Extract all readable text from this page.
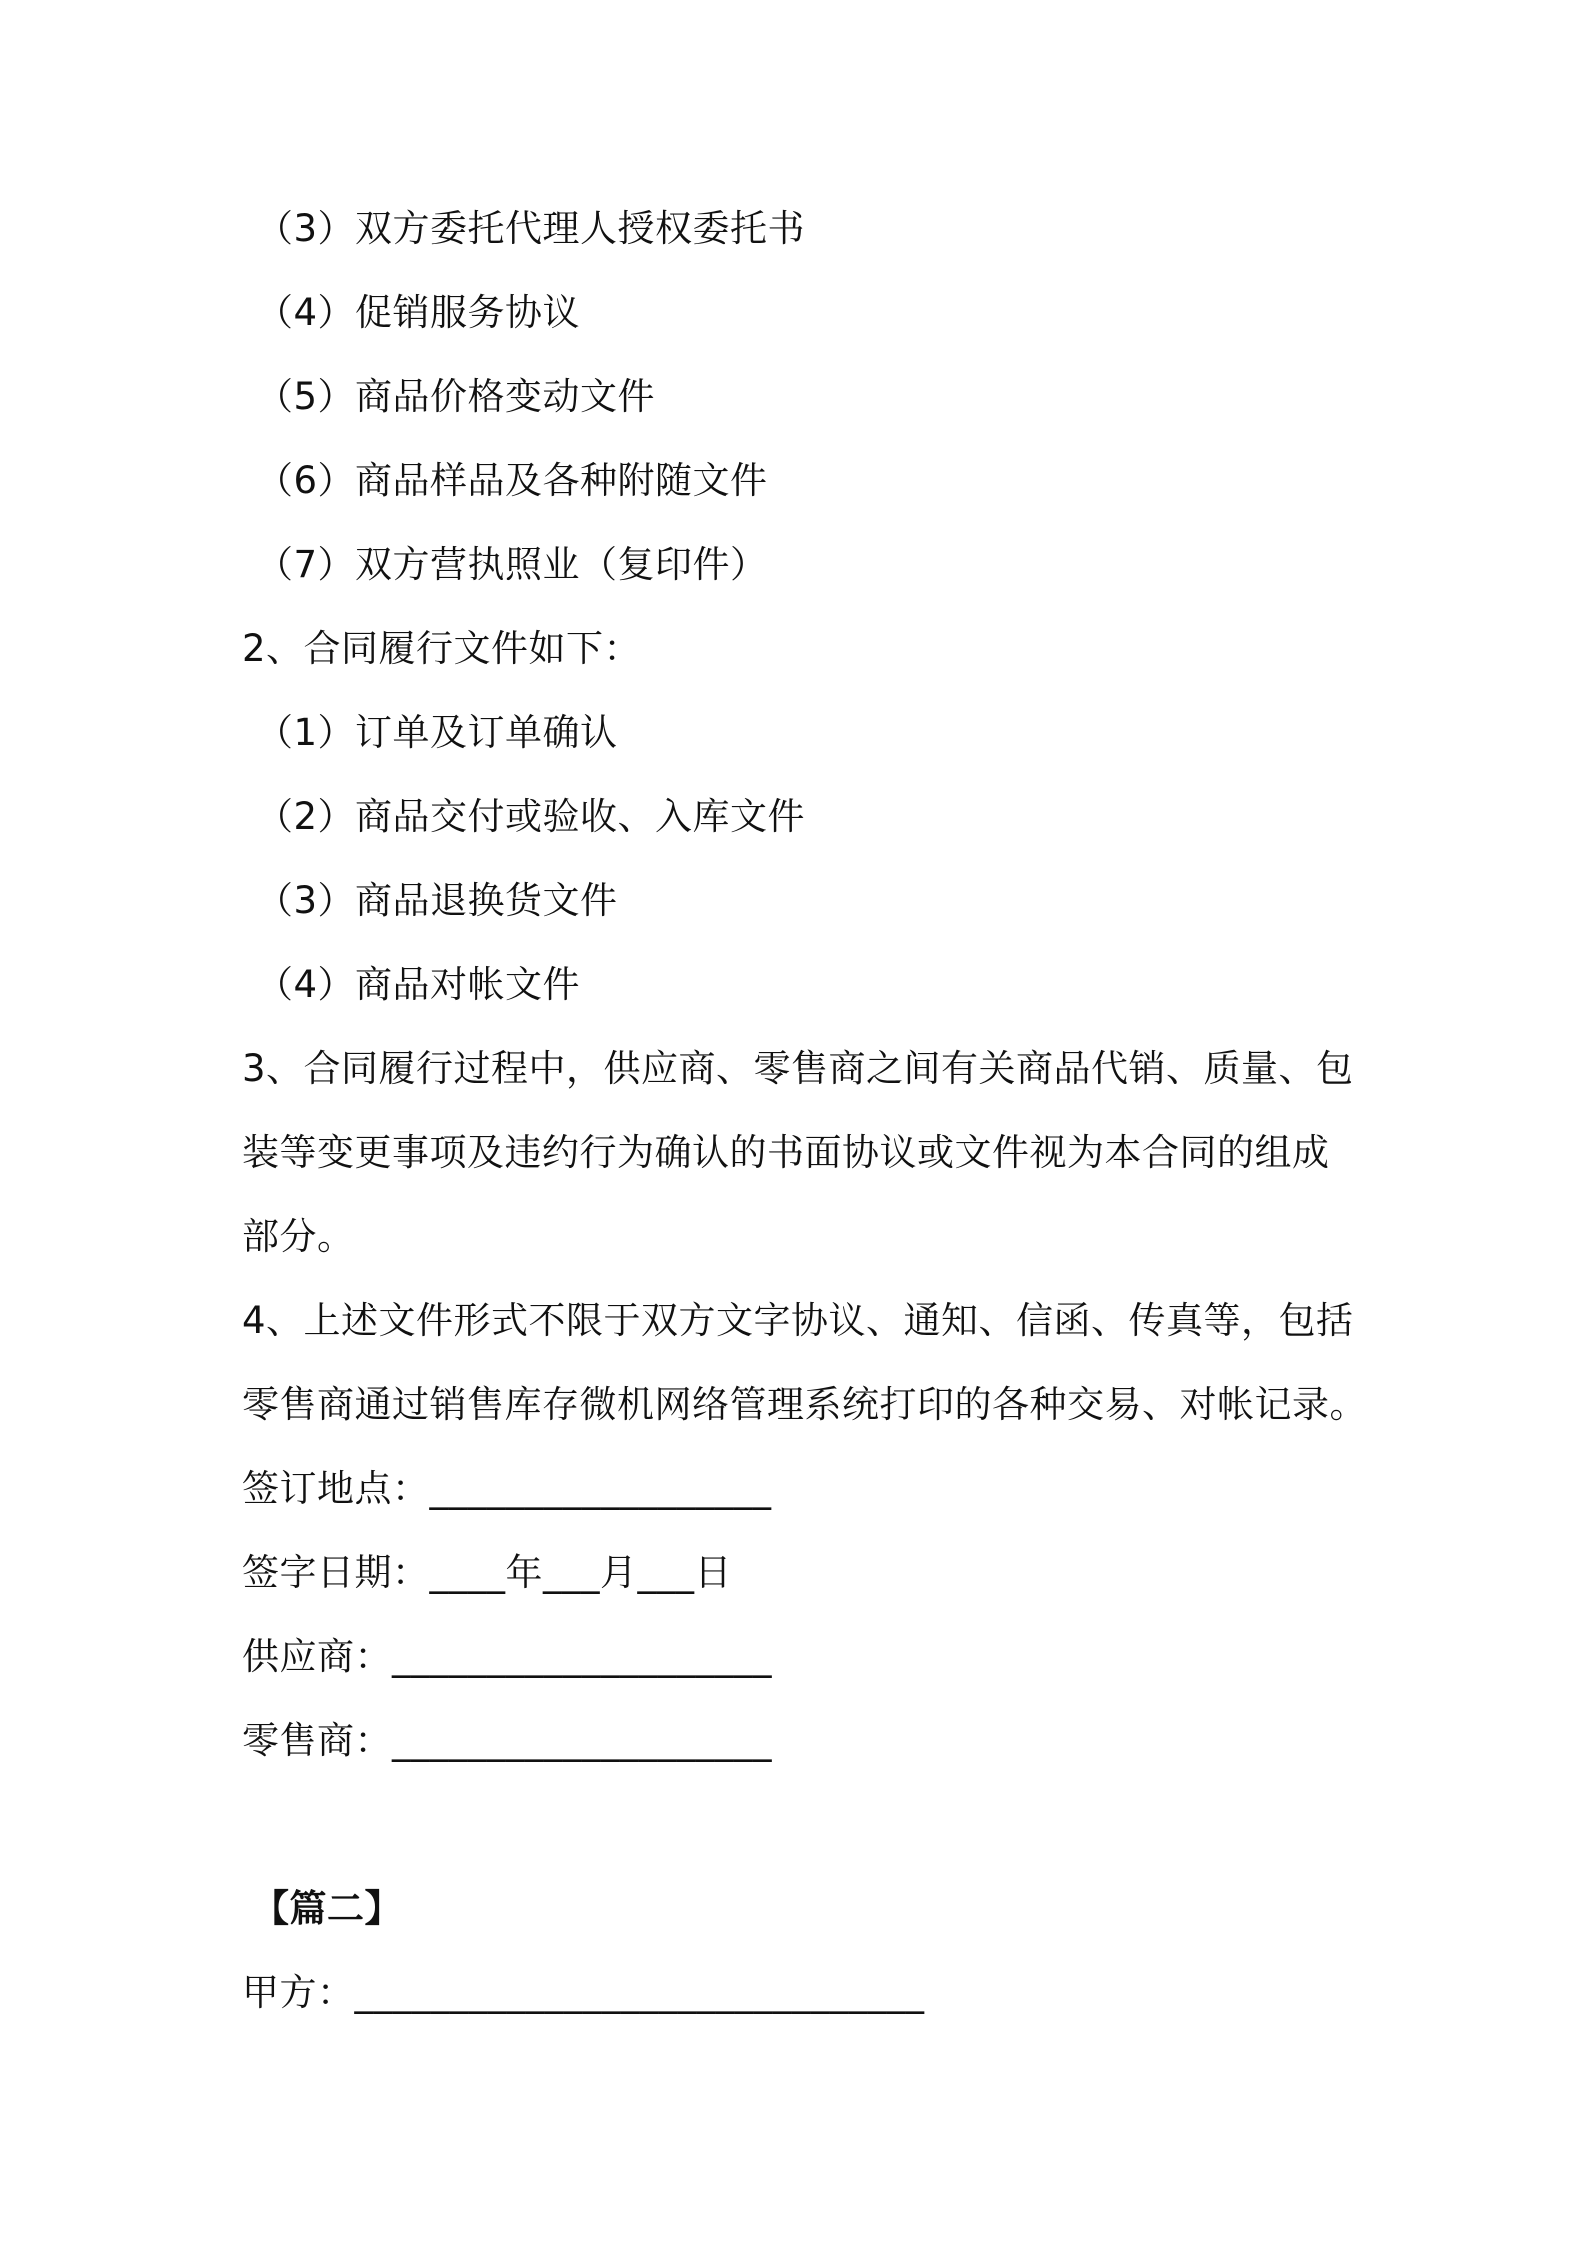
（3）双方委托代理人授权委托书
（4）促销服务协议
（5）商品价格变动文件
（6）商品样品及各种附随文件
（7）双方营执照业（复印件）
2、合同履行文件如下：
（1）订单及订单确认
（2）商品交付或验收、入库文件
（3）商品退换货文件
（4）商品对帐文件
3、合同履行过程中，供应商、零售商之间有关商品代销、质量、包
装等变更事项及违约行为确认的书面协议或文件视为本合同的组成
部分。
4、上述文件形式不限于双方文字协议、通知、信函、传真等，包括
零售商通过销售库存微机网络管理系统打印的各种交易、对帐记录。
签订地点：__________________
签字日期：____年___月___日
供应商：____________________
零售商：____________________
【篇二】
甲方：______________________________
